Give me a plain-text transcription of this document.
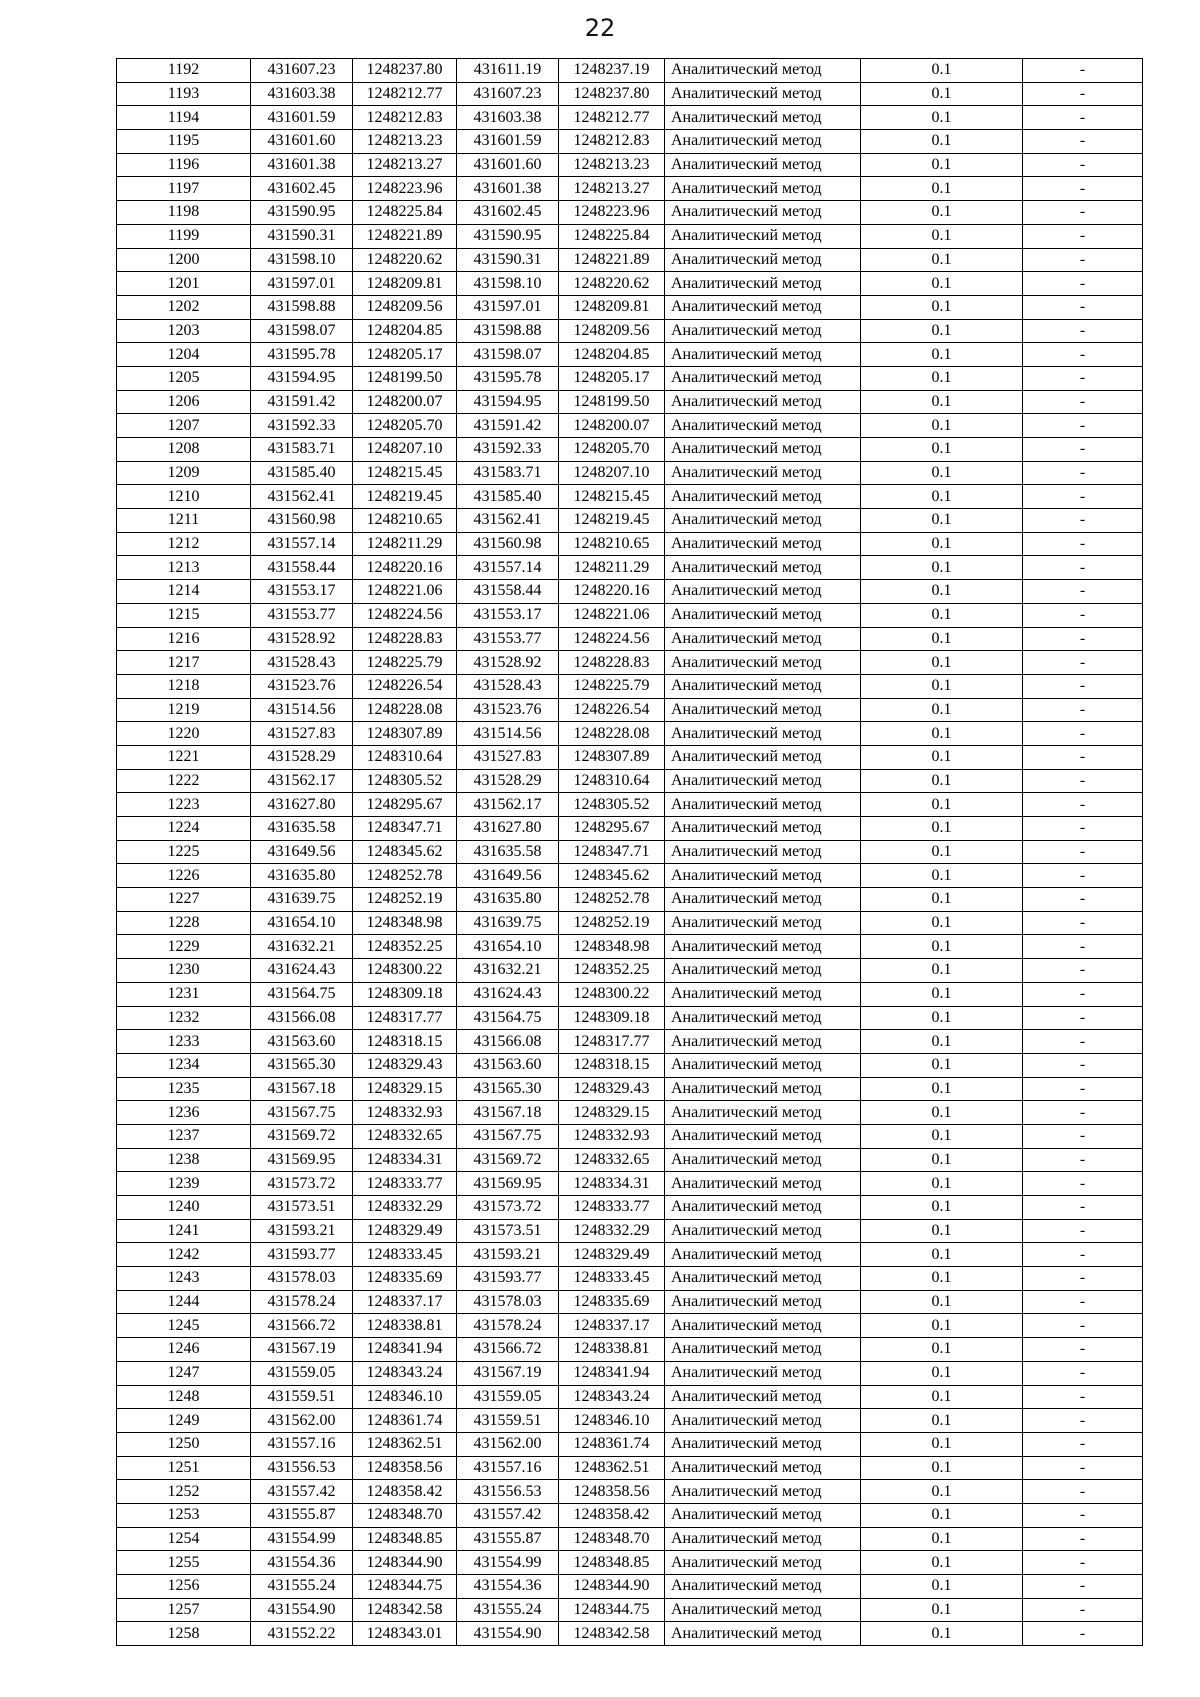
22
1192	431607.23	1248237.80	431611.19	1248237.19	Аналитический метод	0.1	-
1193	431603.38	1248212.77	431607.23	1248237.80	Аналитический метод	0.1	-
1194	431601.59	1248212.83	431603.38	1248212.77	Аналитический метод	0.1	-
1195	431601.60	1248213.23	431601.59	1248212.83	Аналитический метод	0.1	-
1196	431601.38	1248213.27	431601.60	1248213.23	Аналитический метод	0.1	-
1197	431602.45	1248223.96	431601.38	1248213.27	Аналитический метод	0.1	-
1198	431590.95	1248225.84	431602.45	1248223.96	Аналитический метод	0.1	-
1199	431590.31	1248221.89	431590.95	1248225.84	Аналитический метод	0.1	-
1200	431598.10	1248220.62	431590.31	1248221.89	Аналитический метод	0.1	-
1201	431597.01	1248209.81	431598.10	1248220.62	Аналитический метод	0.1	-
1202	431598.88	1248209.56	431597.01	1248209.81	Аналитический метод	0.1	-
1203	431598.07	1248204.85	431598.88	1248209.56	Аналитический метод	0.1	-
1204	431595.78	1248205.17	431598.07	1248204.85	Аналитический метод	0.1	-
1205	431594.95	1248199.50	431595.78	1248205.17	Аналитический метод	0.1	-
1206	431591.42	1248200.07	431594.95	1248199.50	Аналитический метод	0.1	-
1207	431592.33	1248205.70	431591.42	1248200.07	Аналитический метод	0.1	-
1208	431583.71	1248207.10	431592.33	1248205.70	Аналитический метод	0.1	-
1209	431585.40	1248215.45	431583.71	1248207.10	Аналитический метод	0.1	-
1210	431562.41	1248219.45	431585.40	1248215.45	Аналитический метод	0.1	-
1211	431560.98	1248210.65	431562.41	1248219.45	Аналитический метод	0.1	-
1212	431557.14	1248211.29	431560.98	1248210.65	Аналитический метод	0.1	-
1213	431558.44	1248220.16	431557.14	1248211.29	Аналитический метод	0.1	-
1214	431553.17	1248221.06	431558.44	1248220.16	Аналитический метод	0.1	-
1215	431553.77	1248224.56	431553.17	1248221.06	Аналитический метод	0.1	-
1216	431528.92	1248228.83	431553.77	1248224.56	Аналитический метод	0.1	-
1217	431528.43	1248225.79	431528.92	1248228.83	Аналитический метод	0.1	-
1218	431523.76	1248226.54	431528.43	1248225.79	Аналитический метод	0.1	-
1219	431514.56	1248228.08	431523.76	1248226.54	Аналитический метод	0.1	-
1220	431527.83	1248307.89	431514.56	1248228.08	Аналитический метод	0.1	-
1221	431528.29	1248310.64	431527.83	1248307.89	Аналитический метод	0.1	-
1222	431562.17	1248305.52	431528.29	1248310.64	Аналитический метод	0.1	-
1223	431627.80	1248295.67	431562.17	1248305.52	Аналитический метод	0.1	-
1224	431635.58	1248347.71	431627.80	1248295.67	Аналитический метод	0.1	-
1225	431649.56	1248345.62	431635.58	1248347.71	Аналитический метод	0.1	-
1226	431635.80	1248252.78	431649.56	1248345.62	Аналитический метод	0.1	-
1227	431639.75	1248252.19	431635.80	1248252.78	Аналитический метод	0.1	-
1228	431654.10	1248348.98	431639.75	1248252.19	Аналитический метод	0.1	-
1229	431632.21	1248352.25	431654.10	1248348.98	Аналитический метод	0.1	-
1230	431624.43	1248300.22	431632.21	1248352.25	Аналитический метод	0.1	-
1231	431564.75	1248309.18	431624.43	1248300.22	Аналитический метод	0.1	-
1232	431566.08	1248317.77	431564.75	1248309.18	Аналитический метод	0.1	-
1233	431563.60	1248318.15	431566.08	1248317.77	Аналитический метод	0.1	-
1234	431565.30	1248329.43	431563.60	1248318.15	Аналитический метод	0.1	-
1235	431567.18	1248329.15	431565.30	1248329.43	Аналитический метод	0.1	-
1236	431567.75	1248332.93	431567.18	1248329.15	Аналитический метод	0.1	-
1237	431569.72	1248332.65	431567.75	1248332.93	Аналитический метод	0.1	-
1238	431569.95	1248334.31	431569.72	1248332.65	Аналитический метод	0.1	-
1239	431573.72	1248333.77	431569.95	1248334.31	Аналитический метод	0.1	-
1240	431573.51	1248332.29	431573.72	1248333.77	Аналитический метод	0.1	-
1241	431593.21	1248329.49	431573.51	1248332.29	Аналитический метод	0.1	-
1242	431593.77	1248333.45	431593.21	1248329.49	Аналитический метод	0.1	-
1243	431578.03	1248335.69	431593.77	1248333.45	Аналитический метод	0.1	-
1244	431578.24	1248337.17	431578.03	1248335.69	Аналитический метод	0.1	-
1245	431566.72	1248338.81	431578.24	1248337.17	Аналитический метод	0.1	-
1246	431567.19	1248341.94	431566.72	1248338.81	Аналитический метод	0.1	-
1247	431559.05	1248343.24	431567.19	1248341.94	Аналитический метод	0.1	-
1248	431559.51	1248346.10	431559.05	1248343.24	Аналитический метод	0.1	-
1249	431562.00	1248361.74	431559.51	1248346.10	Аналитический метод	0.1	-
1250	431557.16	1248362.51	431562.00	1248361.74	Аналитический метод	0.1	-
1251	431556.53	1248358.56	431557.16	1248362.51	Аналитический метод	0.1	-
1252	431557.42	1248358.42	431556.53	1248358.56	Аналитический метод	0.1	-
1253	431555.87	1248348.70	431557.42	1248358.42	Аналитический метод	0.1	-
1254	431554.99	1248348.85	431555.87	1248348.70	Аналитический метод	0.1	-
1255	431554.36	1248344.90	431554.99	1248348.85	Аналитический метод	0.1	-
1256	431555.24	1248344.75	431554.36	1248344.90	Аналитический метод	0.1	-
1257	431554.90	1248342.58	431555.24	1248344.75	Аналитический метод	0.1	-
1258	431552.22	1248343.01	431554.90	1248342.58	Аналитический метод	0.1	-
